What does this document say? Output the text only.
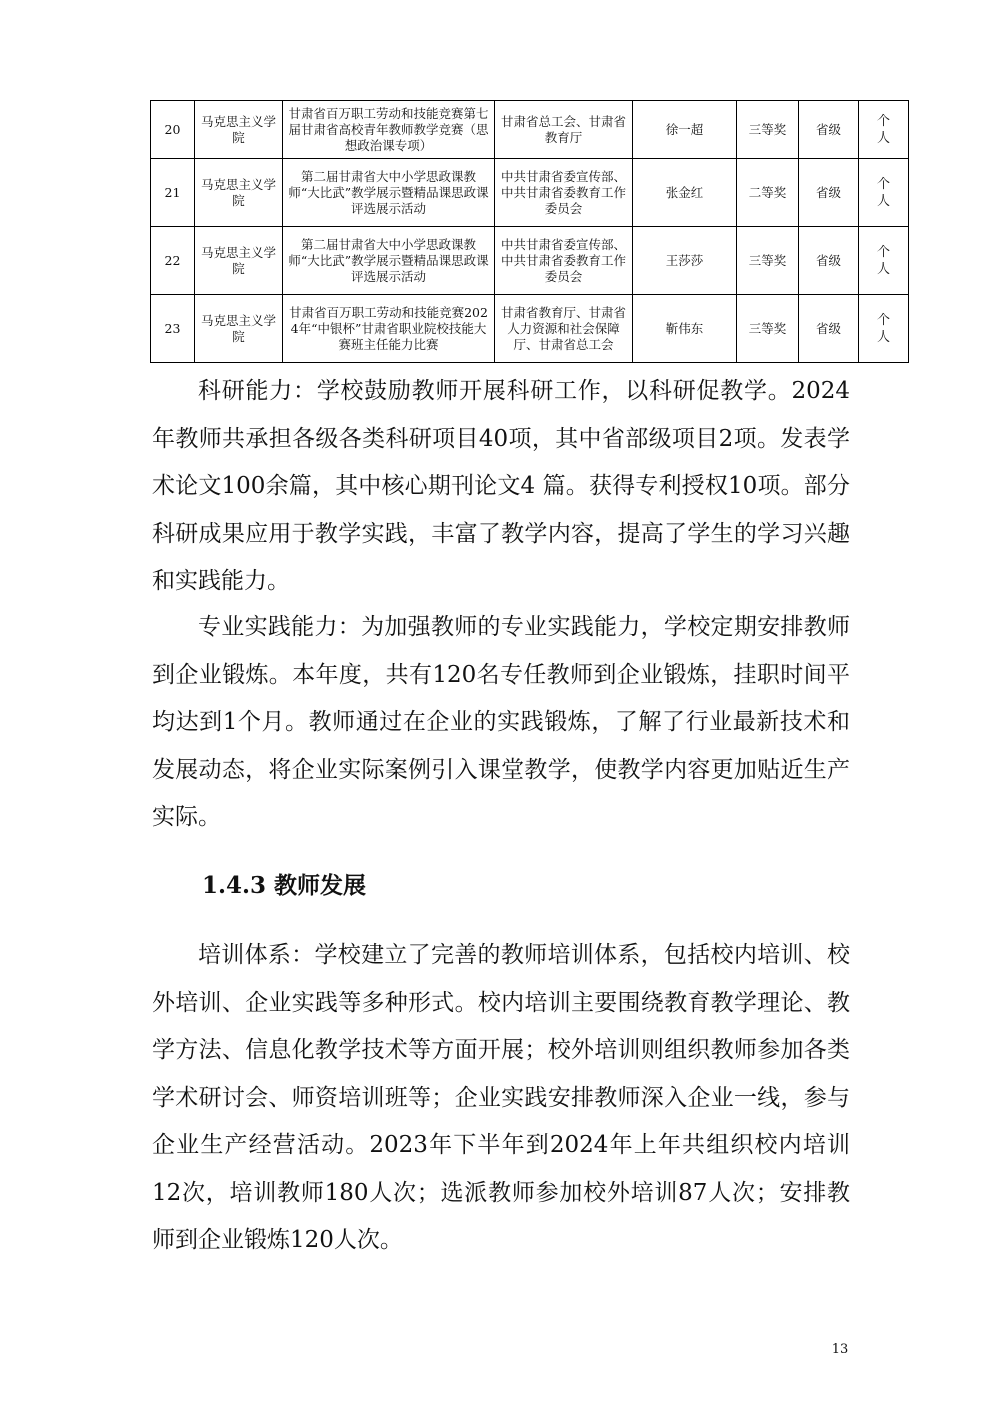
20	马克思主义学院	甘肃省百万职工劳动和技能竞赛第七届甘肃省高校青年教师教学竞赛（思想政治课专项）	甘肃省总工会、甘肃省教育厅	徐一超	三等奖	省级	个人

21	马克思主义学院	第二届甘肃省大中小学思政课教师“大比武”教学展示暨精品课思政课评选展示活动	中共甘肃省委宣传部、中共甘肃省委教育工作委员会	张金红	二等奖	省级	个人

22	马克思主义学院	第二届甘肃省大中小学思政课教师“大比武”教学展示暨精品课思政课评选展示活动	中共甘肃省委宣传部、中共甘肃省委教育工作委员会	王莎莎	三等奖	省级	个人

23	马克思主义学院	甘肃省百万职工劳动和技能竞赛2024年“中银杯”甘肃省职业院校技能大赛班主任能力比赛	甘肃省教育厅、甘肃省人力资源和社会保障厅、甘肃省总工会	靳伟东	三等奖	省级	个人

科研能力：学校鼓励教师开展科研工作，以科研促教学。2024年教师共承担各级各类科研项目40项，其中省部级项目2项。发表学术论文100余篇，其中核心期刊论文4 篇。获得专利授权10项。部分科研成果应用于教学实践，丰富了教学内容，提高了学生的学习兴趣和实践能力。

专业实践能力：为加强教师的专业实践能力，学校定期安排教师到企业锻炼。本年度，共有120名专任教师到企业锻炼，挂职时间平均达到1个月。教师通过在企业的实践锻炼，了解了行业最新技术和发展动态，将企业实际案例引入课堂教学，使教学内容更加贴近生产实际。

1.4.3 教师发展

培训体系：学校建立了完善的教师培训体系，包括校内培训、校外培训、企业实践等多种形式。校内培训主要围绕教育教学理论、教学方法、信息化教学技术等方面开展；校外培训则组织教师参加各类学术研讨会、师资培训班等；企业实践安排教师深入企业一线，参与企业生产经营活动。2023年下半年到2024年上年共组织校内培训12次，培训教师180人次；选派教师参加校外培训87人次；安排教师到企业锻炼120人次。

13
